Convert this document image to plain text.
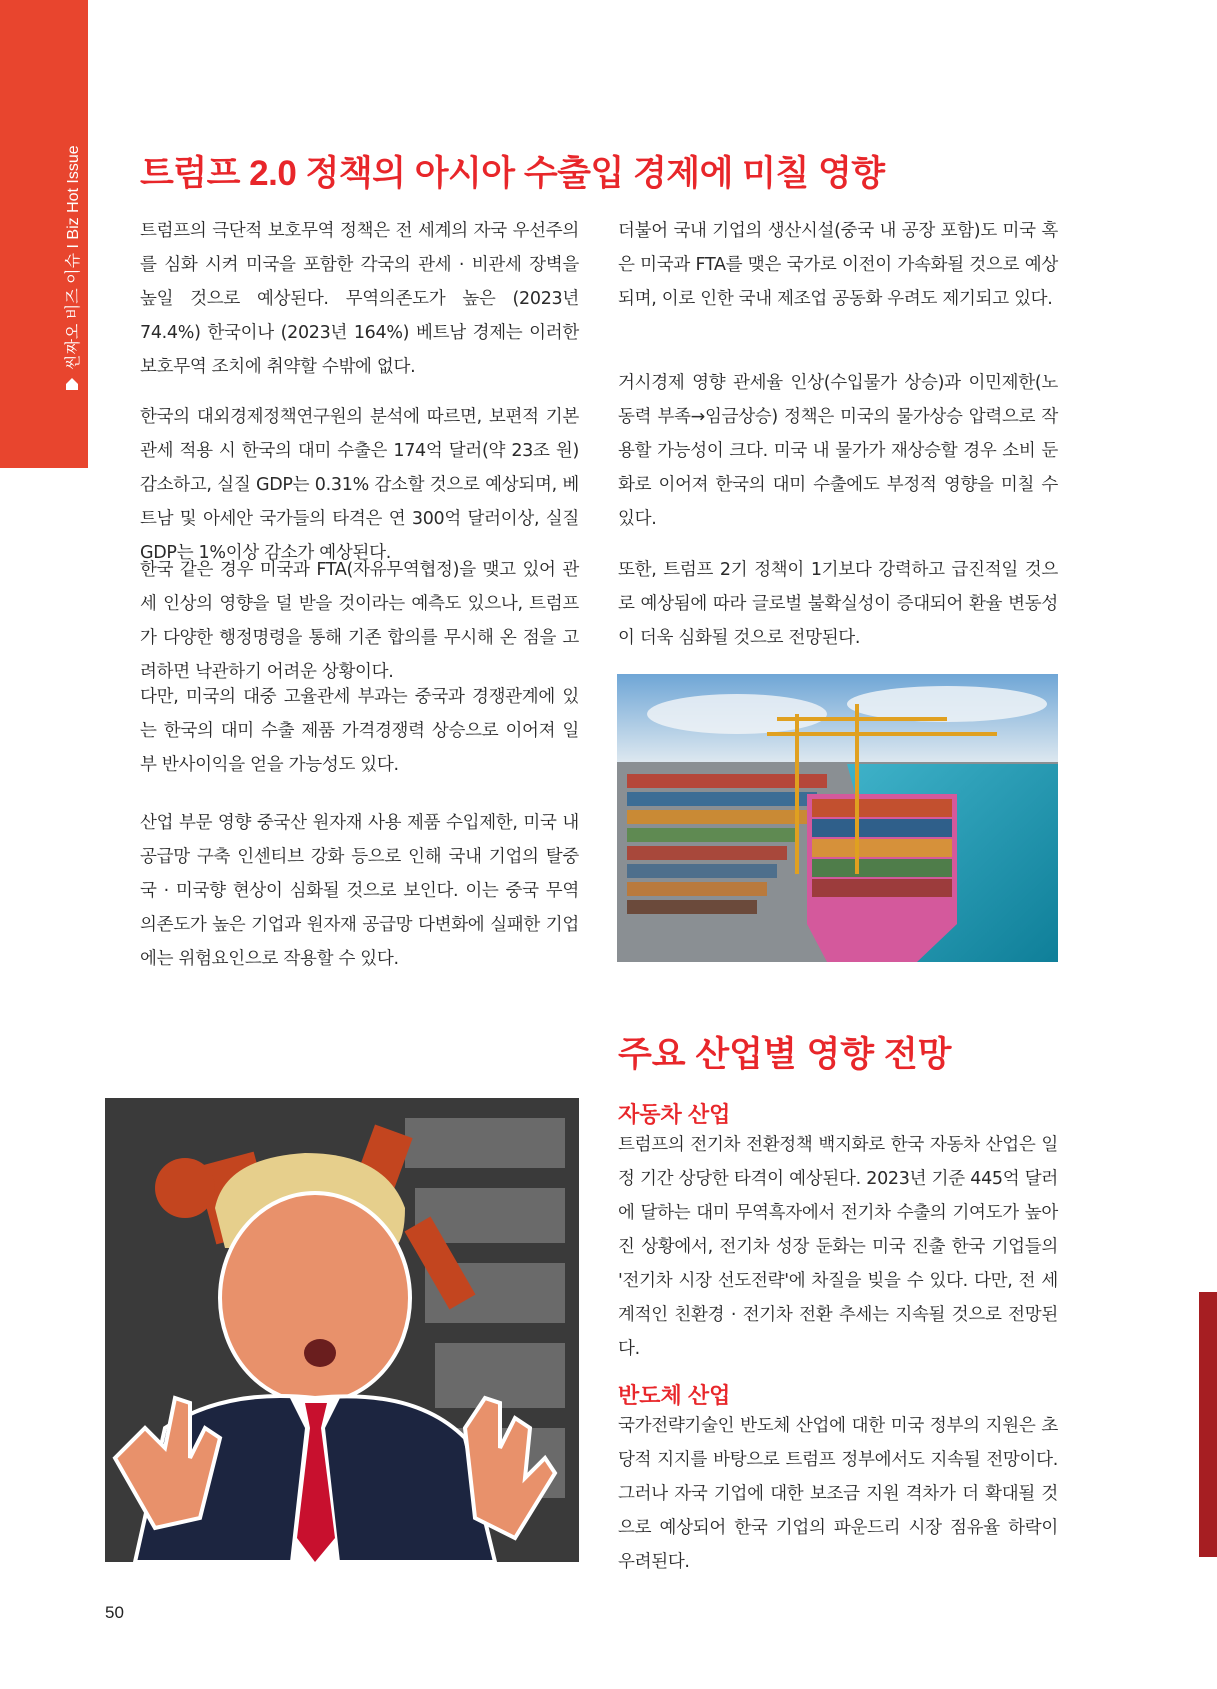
씬짜오 비즈 이슈 I Biz Hot Issue 트럼프 2.0 정책의 아시아 수출입 경제에 미칠 영향

트럼프의 극단적 보호무역 정책은 전 세계의 자국 우선주의를 심화 시켜 미국을 포함한 각국의 관세 · 비관세 장벽을 높일 것으로 예상된다. 무역의존도가 높은 (2023년 74.4%) 한국이나 (2023년 164%) 베트남 경제는 이러한 보호무역 조치에 취약할 수밖에 없다.

한국의 대외경제정책연구원의 분석에 따르면, 보편적 기본관세 적용 시 한국의 대미 수출은 174억 달러(약 23조 원) 감소하고, 실질 GDP는 0.31% 감소할 것으로 예상되며, 베트남 및 아세안 국가들의 타격은 연 300억 달러이상, 실질 GDP는 1%이상 감소가 예상된다.

한국 같은 경우 미국과 FTA(자유무역협정)을 맺고 있어 관세 인상의 영향을 덜 받을 것이라는 예측도 있으나, 트럼프가 다양한 행정명령을 통해 기존 합의를 무시해 온 점을 고려하면 낙관하기 어려운 상황이다.

다만, 미국의 대중 고율관세 부과는 중국과 경쟁관계에 있는 한국의 대미 수출 제품 가격경쟁력 상승으로 이어져 일부 반사이익을 얻을 가능성도 있다.

산업 부문 영향 중국산 원자재 사용 제품 수입제한, 미국 내 공급망 구축 인센티브 강화 등으로 인해 국내 기업의 탈중국 · 미국향 현상이 심화될 것으로 보인다. 이는 중국 무역의존도가 높은 기업과 원자재 공급망 다변화에 실패한 기업에는 위험요인으로 작용할 수 있다.

더불어 국내 기업의 생산시설(중국 내 공장 포함)도 미국 혹은 미국과 FTA를 맺은 국가로 이전이 가속화될 것으로 예상되며, 이로 인한 국내 제조업 공동화 우려도 제기되고 있다.

거시경제 영향 관세율 인상(수입물가 상승)과 이민제한(노동력 부족→임금상승) 정책은 미국의 물가상승 압력으로 작용할 가능성이 크다. 미국 내 물가가 재상승할 경우 소비 둔화로 이어져 한국의 대미 수출에도 부정적 영향을 미칠 수 있다.

또한, 트럼프 2기 정책이 1기보다 강력하고 급진적일 것으로 예상됨에 따라 글로벌 불확실성이 증대되어 환율 변동성이 더욱 심화될 것으로 전망된다.

주요 산업별 영향 전망
자동차 산업

트럼프의 전기차 전환정책 백지화로 한국 자동차 산업은 일정 기간 상당한 타격이 예상된다. 2023년 기준 445억 달러에 달하는 대미 무역흑자에서 전기차 수출의 기여도가 높아진 상황에서, 전기차 성장 둔화는 미국 진출 한국 기업들의 '전기차 시장 선도전략'에 차질을 빚을 수 있다. 다만, 전 세계적인 친환경 · 전기차 전환 추세는 지속될 것으로 전망된다.

반도체 산업

국가전략기술인 반도체 산업에 대한 미국 정부의 지원은 초당적 지지를 바탕으로 트럼프 정부에서도 지속될 전망이다. 그러나 자국 기업에 대한 보조금 지원 격차가 더 확대될 것으로 예상되어 한국 기업의 파운드리 시장 점유율 하락이 우려된다.

50
